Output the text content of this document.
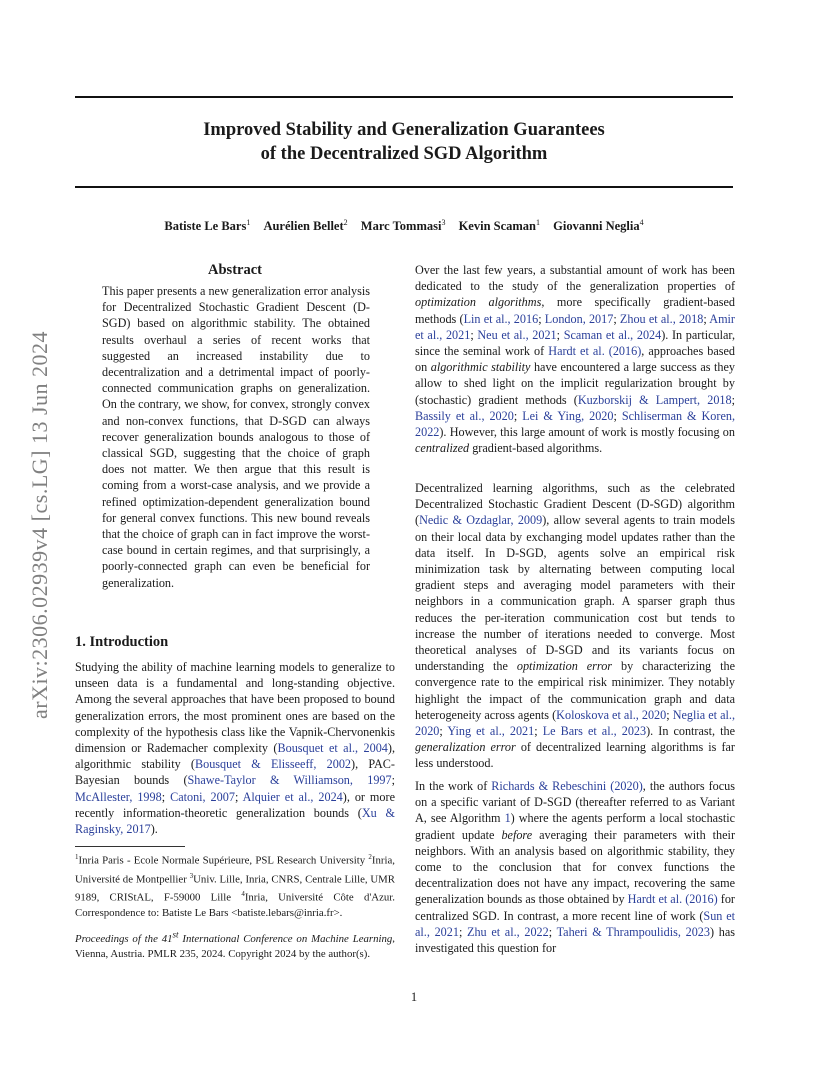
Improved Stability and Generalization Guarantees
of the Decentralized SGD Algorithm
Batiste Le Bars$^1$ Aurélien Bellet$^2$ Marc Tommasi$^3$ Kevin Scaman$^1$ Giovanni Neglia$^4$
arXiv:2306.02939v4 [cs.LG] 13 Jun 2024
Abstract
This paper presents a new generalization error analysis for Decentralized Stochastic Gradient Descent (D-SGD) based on algorithmic stability. The obtained results overhaul a series of recent works that suggested an increased instability due to decentralization and a detrimental impact of poorly-connected communication graphs on generalization. On the contrary, we show, for convex, strongly convex and non-convex functions, that D-SGD can always recover generalization bounds analogous to those of classical SGD, suggesting that the choice of graph does not matter. We then argue that this result is coming from a worst-case analysis, and we provide a refined optimization-dependent generalization bound for general convex functions. This new bound reveals that the choice of graph can in fact improve the worst-case bound in certain regimes, and that surprisingly, a poorly-connected graph can even be beneficial for generalization.
1. Introduction
Studying the ability of machine learning models to generalize to unseen data is a fundamental and long-standing objective. Among the several approaches that have been proposed to bound generalization errors, the most prominent ones are based on the complexity of the hypothesis class like the Vapnik-Chervonenkis dimension or Rademacher complexity (Bousquet et al., 2004), algorithmic stability (Bousquet & Elisseeff, 2002), PAC-Bayesian bounds (Shawe-Taylor & Williamson, 1997; McAllester, 1998; Catoni, 2007; Alquier et al., 2024), or more recently information-theoretic generalization bounds (Xu & Raginsky, 2017).
$^1$Inria Paris - Ecole Normale Supérieure, PSL Research University $^2$Inria, Université de Montpellier $^3$Univ. Lille, Inria, CNRS, Centrale Lille, UMR 9189, CRIStAL, F-59000 Lille $^4$Inria, Université Côte d'Azur. Correspondence to: Batiste Le Bars <batiste.lebars@inria.fr>.
Proceedings of the 41st International Conference on Machine Learning, Vienna, Austria. PMLR 235, 2024. Copyright 2024 by the author(s).
Over the last few years, a substantial amount of work has been dedicated to the study of the generalization properties of optimization algorithms, more specifically gradient-based methods (Lin et al., 2016; London, 2017; Zhou et al., 2018; Amir et al., 2021; Neu et al., 2021; Scaman et al., 2024). In particular, since the seminal work of Hardt et al. (2016), approaches based on algorithmic stability have encountered a large success as they allow to shed light on the implicit regularization brought by (stochastic) gradient methods (Kuzborskij & Lampert, 2018; Bassily et al., 2020; Lei & Ying, 2020; Schliserman & Koren, 2022). However, this large amount of work is mostly focusing on centralized gradient-based algorithms.
Decentralized learning algorithms, such as the celebrated Decentralized Stochastic Gradient Descent (D-SGD) algorithm (Nedic & Ozdaglar, 2009), allow several agents to train models on their local data by exchanging model updates rather than the data itself. In D-SGD, agents solve an empirical risk minimization task by alternating between computing local gradient steps and averaging model parameters with their neighbors in a communication graph. A sparser graph thus reduces the per-iteration communication cost but tends to increase the number of iterations needed to converge. Most theoretical analyses of D-SGD and its variants focus on understanding the optimization error by characterizing the convergence rate to the empirical risk minimizer. They notably highlight the impact of the communication graph and data heterogeneity across agents (Koloskova et al., 2020; Neglia et al., 2020; Ying et al., 2021; Le Bars et al., 2023). In contrast, the generalization error of decentralized learning algorithms is far less understood.
In the work of Richards & Rebeschini (2020), the authors focus on a specific variant of D-SGD (thereafter referred to as Variant A, see Algorithm 1) where the agents perform a local stochastic gradient update before averaging their parameters with their neighbors. With an analysis based on algorithmic stability, they come to the conclusion that for convex functions the decentralization does not have any impact, recovering the same generalization bounds as those obtained by Hardt et al. (2016) for centralized SGD. In contrast, a more recent line of work (Sun et al., 2021; Zhu et al., 2022; Taheri & Thrampoulidis, 2023) has investigated this question for
1
